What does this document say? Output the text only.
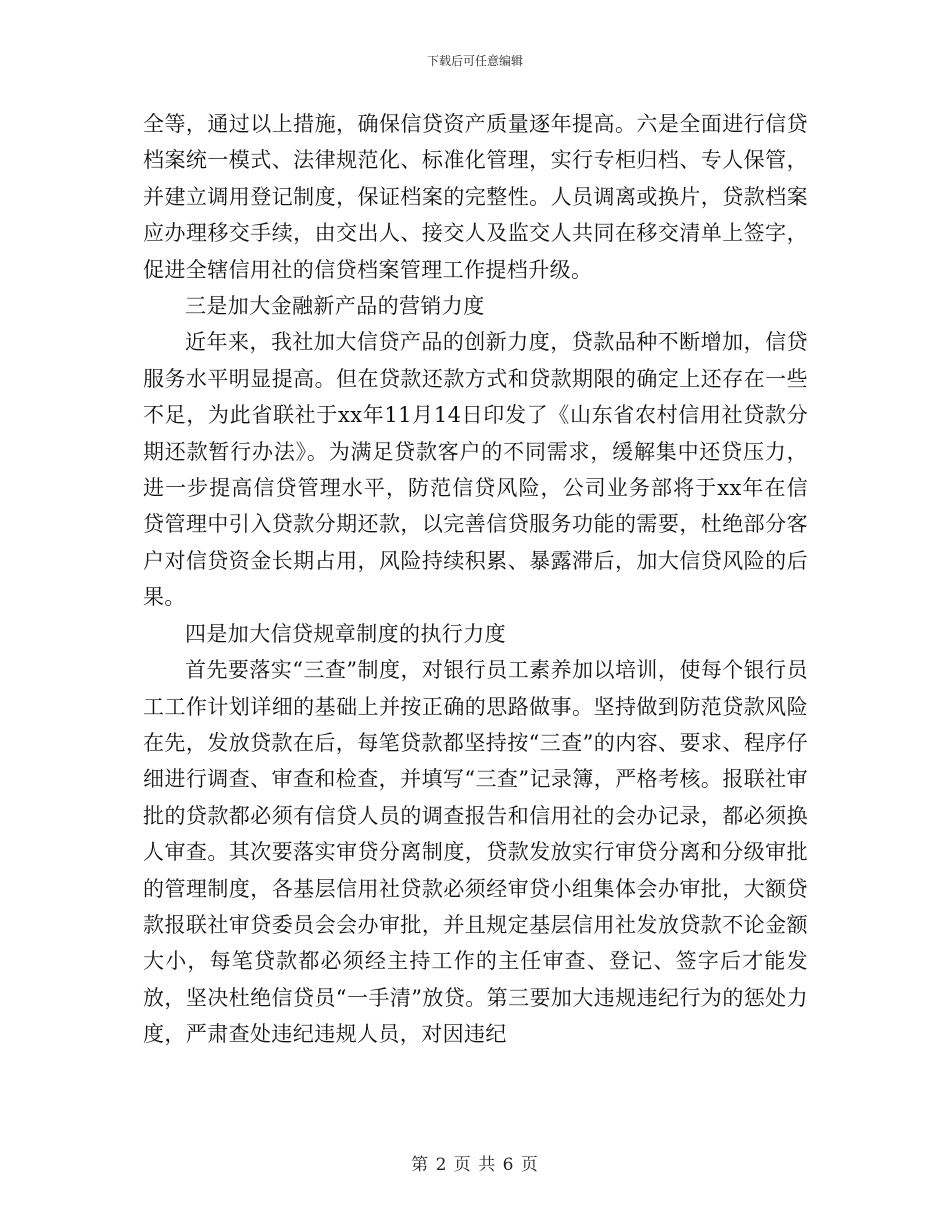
下载后可任意编辑

全等，通过以上措施，确保信贷资产质量逐年提高。六是全面进行信贷档案统一模式、法律规范化、标准化管理，实行专柜归档、专人保管，并建立调用登记制度，保证档案的完整性。人员调离或换片，贷款档案应办理移交手续，由交出人、接交人及监交人共同在移交清单上签字，促进全辖信用社的信贷档案管理工作提档升级。

三是加大金融新产品的营销力度

近年来，我社加大信贷产品的创新力度，贷款品种不断增加，信贷服务水平明显提高。但在贷款还款方式和贷款期限的确定上还存在一些不足，为此省联社于xx年11月14日印发了《山东省农村信用社贷款分期还款暂行办法》。为满足贷款客户的不同需求，缓解集中还贷压力，进一步提高信贷管理水平，防范信贷风险，公司业务部将于xx年在信贷管理中引入贷款分期还款，以完善信贷服务功能的需要，杜绝部分客户对信贷资金长期占用，风险持续积累、暴露滞后，加大信贷风险的后果。

四是加大信贷规章制度的执行力度

首先要落实“三查”制度，对银行员工素养加以培训，使每个银行员工工作计划详细的基础上并按正确的思路做事。坚持做到防范贷款风险在先，发放贷款在后，每笔贷款都坚持按“三查”的内容、要求、程序仔细进行调查、审查和检查，并填写“三查”记录簿，严格考核。报联社审批的贷款都必须有信贷人员的调查报告和信用社的会办记录，都必须换人审查。其次要落实审贷分离制度，贷款发放实行审贷分离和分级审批的管理制度，各基层信用社贷款必须经审贷小组集体会办审批，大额贷款报联社审贷委员会会办审批，并且规定基层信用社发放贷款不论金额大小，每笔贷款都必须经主持工作的主任审查、登记、签字后才能发放，坚决杜绝信贷员“一手清”放贷。第三要加大违规违纪行为的惩处力度，严肃查处违纪违规人员，对因违纪

第 2 页 共 6 页
